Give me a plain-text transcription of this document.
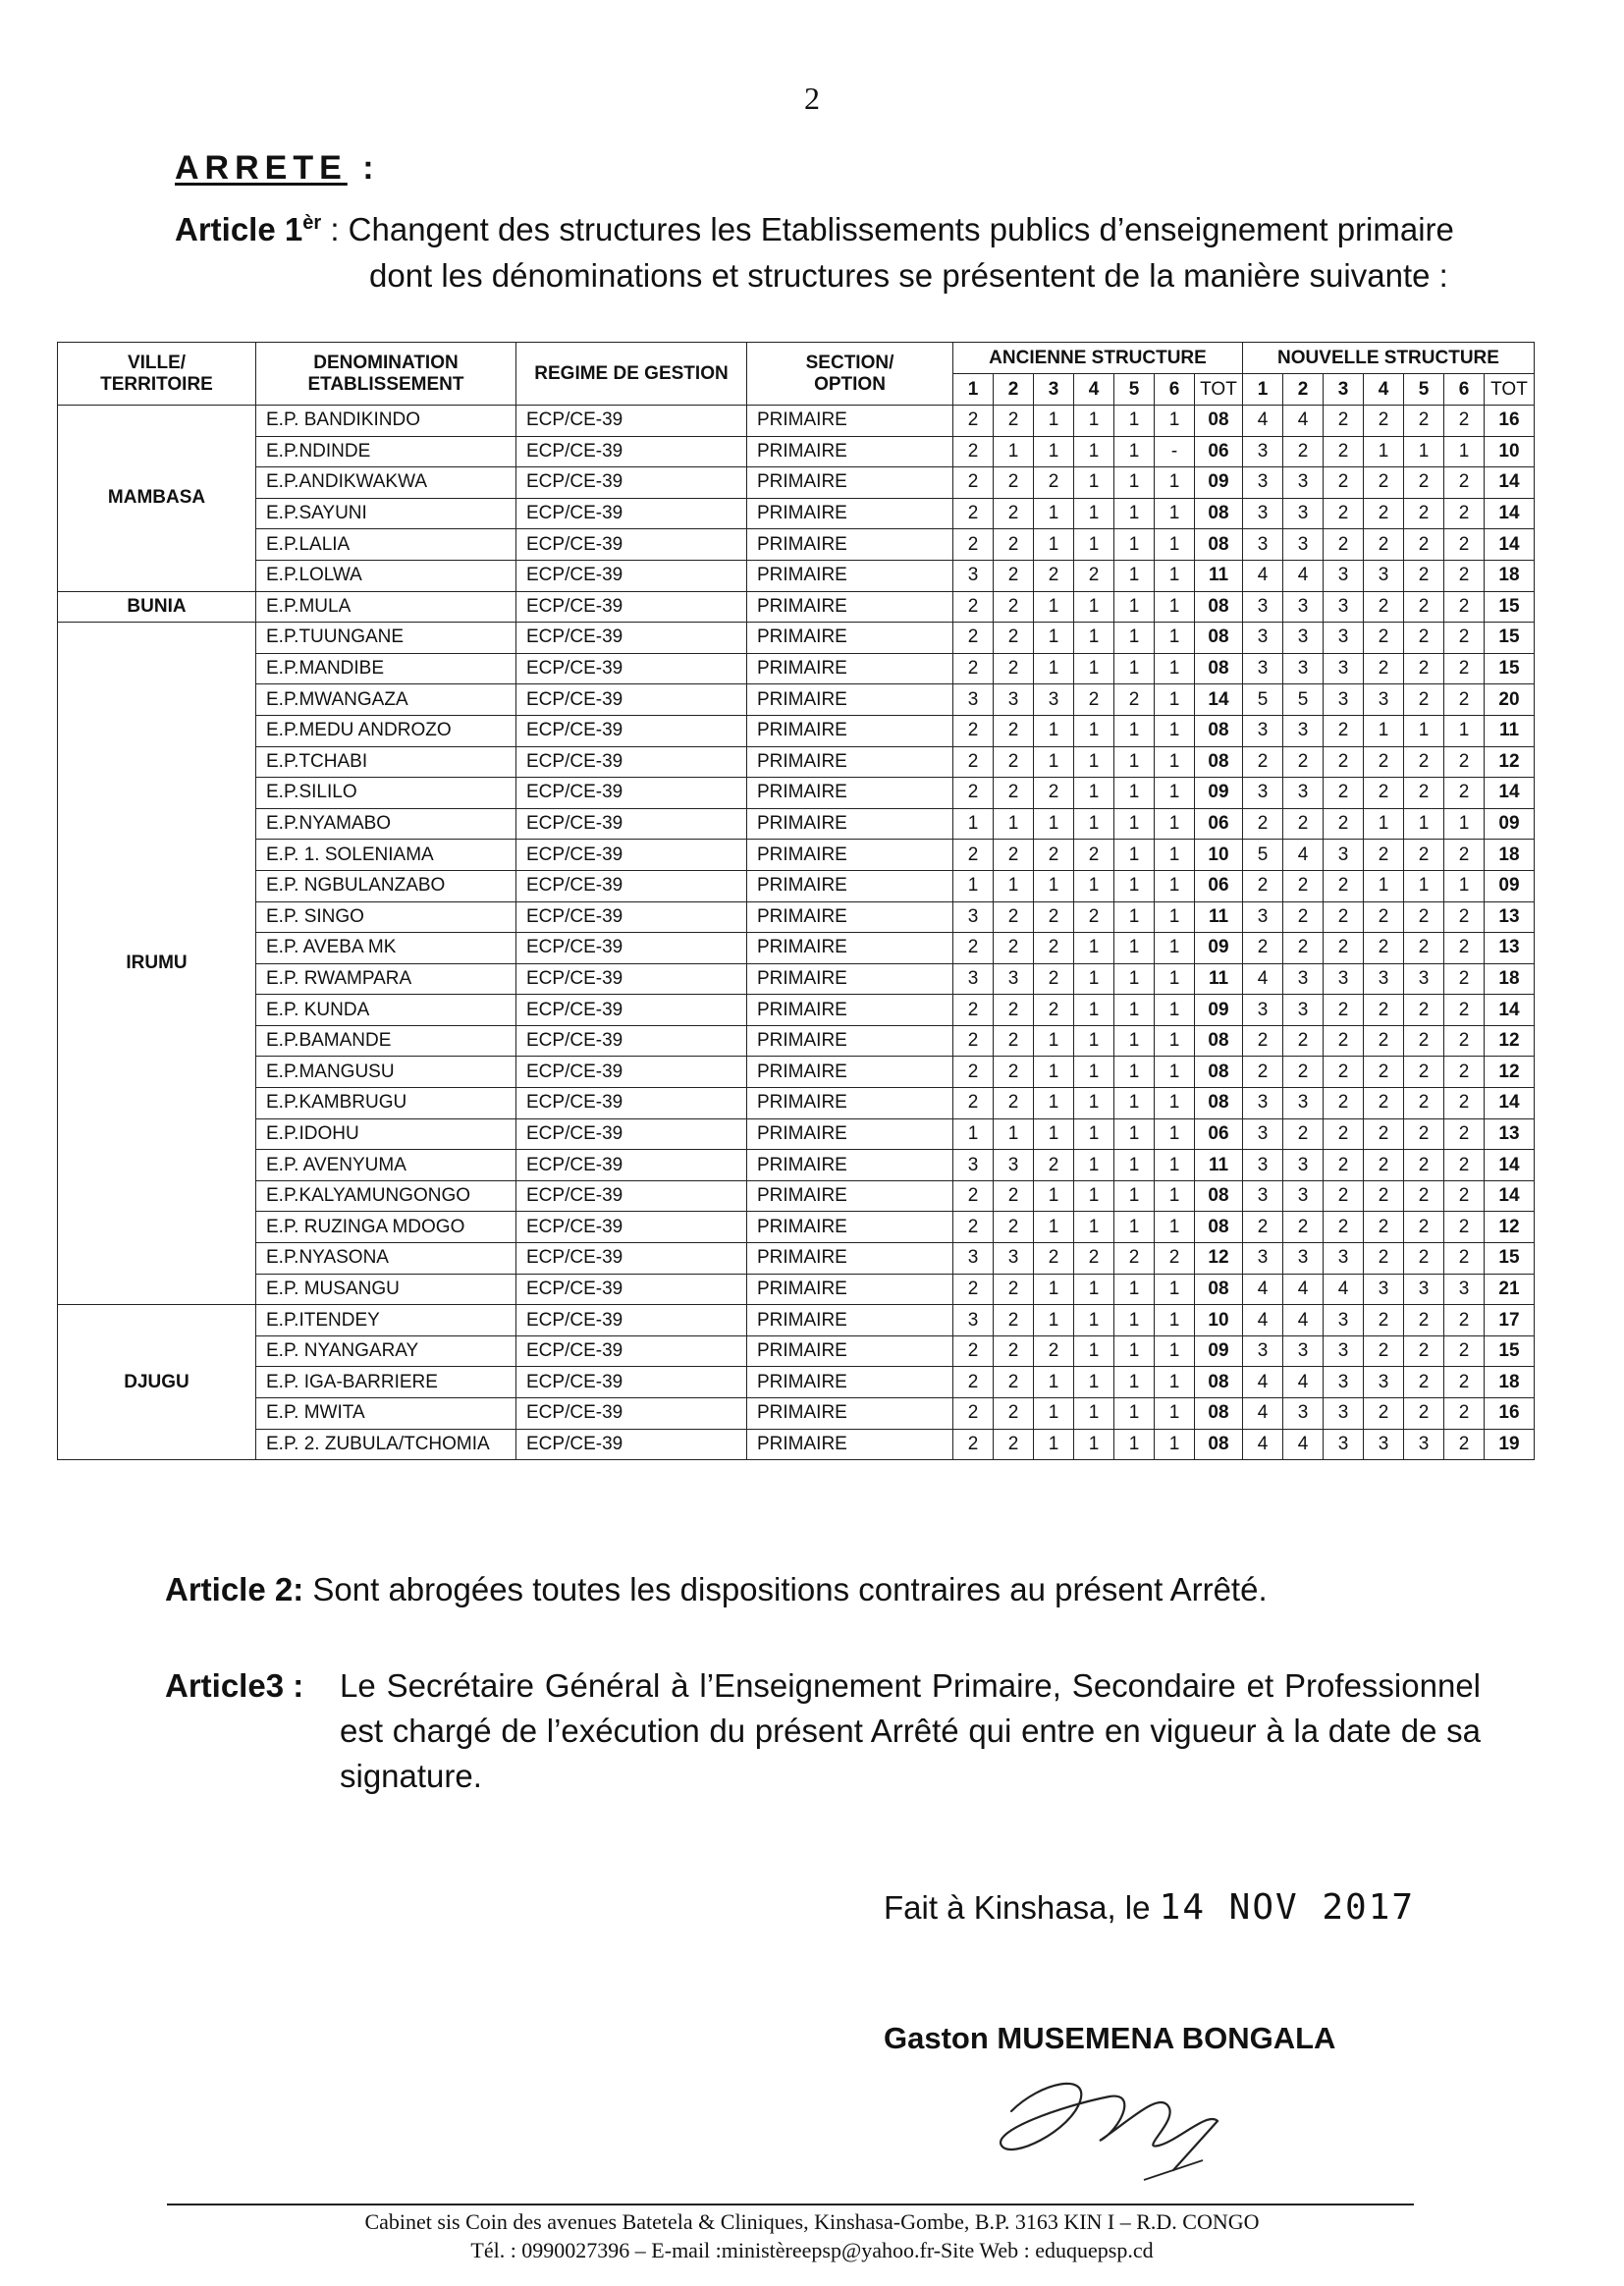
2
ARRETE :
Article $1^{èr}$ : Changent des structures les Etablissements publics d’enseignement primaire
dont les dénominations et structures se présentent de la manière suivante :
VILLE/
TERRITOIRE	DENOMINATION
ETABLISSEMENT	REGIME DE GESTION	SECTION/
OPTION	ANCIENNE STRUCTURE							NOUVELLE STRUCTURE						
				1	2	3	4	5	6	TOT	1	2	3	4	5	6	TOT
MAMBASA	E.P. BANDIKINDO	ECP/CE-39	PRIMAIRE	2	2	1	1	1	1	08	4	4	2	2	2	2	16
	E.P.NDINDE	ECP/CE-39	PRIMAIRE	2	1	1	1	1	-	06	3	2	2	1	1	1	10
	E.P.ANDIKWAKWA	ECP/CE-39	PRIMAIRE	2	2	2	1	1	1	09	3	3	2	2	2	2	14
	E.P.SAYUNI	ECP/CE-39	PRIMAIRE	2	2	1	1	1	1	08	3	3	2	2	2	2	14
	E.P.LALIA	ECP/CE-39	PRIMAIRE	2	2	1	1	1	1	08	3	3	2	2	2	2	14
	E.P.LOLWA	ECP/CE-39	PRIMAIRE	3	2	2	2	1	1	11	4	4	3	3	2	2	18
BUNIA	E.P.MULA	ECP/CE-39	PRIMAIRE	2	2	1	1	1	1	08	3	3	3	2	2	2	15
IRUMU	E.P.TUUNGANE	ECP/CE-39	PRIMAIRE	2	2	1	1	1	1	08	3	3	3	2	2	2	15
	E.P.MANDIBE	ECP/CE-39	PRIMAIRE	2	2	1	1	1	1	08	3	3	3	2	2	2	15
	E.P.MWANGAZA	ECP/CE-39	PRIMAIRE	3	3	3	2	2	1	14	5	5	3	3	2	2	20
	E.P.MEDU ANDROZO	ECP/CE-39	PRIMAIRE	2	2	1	1	1	1	08	3	3	2	1	1	1	11
	E.P.TCHABI	ECP/CE-39	PRIMAIRE	2	2	1	1	1	1	08	2	2	2	2	2	2	12
	E.P.SILILO	ECP/CE-39	PRIMAIRE	2	2	2	1	1	1	09	3	3	2	2	2	2	14
	E.P.NYAMABO	ECP/CE-39	PRIMAIRE	1	1	1	1	1	1	06	2	2	2	1	1	1	09
	E.P. 1. SOLENIAMA	ECP/CE-39	PRIMAIRE	2	2	2	2	1	1	10	5	4	3	2	2	2	18
	E.P. NGBULANZABO	ECP/CE-39	PRIMAIRE	1	1	1	1	1	1	06	2	2	2	1	1	1	09
	E.P. SINGO	ECP/CE-39	PRIMAIRE	3	2	2	2	1	1	11	3	2	2	2	2	2	13
	E.P. AVEBA MK	ECP/CE-39	PRIMAIRE	2	2	2	1	1	1	09	2	2	2	2	2	2	13
	E.P. RWAMPARA	ECP/CE-39	PRIMAIRE	3	3	2	1	1	1	11	4	3	3	3	3	2	18
	E.P. KUNDA	ECP/CE-39	PRIMAIRE	2	2	2	1	1	1	09	3	3	2	2	2	2	14
	E.P.BAMANDE	ECP/CE-39	PRIMAIRE	2	2	1	1	1	1	08	2	2	2	2	2	2	12
	E.P.MANGUSU	ECP/CE-39	PRIMAIRE	2	2	1	1	1	1	08	2	2	2	2	2	2	12
	E.P.KAMBRUGU	ECP/CE-39	PRIMAIRE	2	2	1	1	1	1	08	3	3	2	2	2	2	14
	E.P.IDOHU	ECP/CE-39	PRIMAIRE	1	1	1	1	1	1	06	3	2	2	2	2	2	13
	E.P. AVENYUMA	ECP/CE-39	PRIMAIRE	3	3	2	1	1	1	11	3	3	2	2	2	2	14
	E.P.KALYAMUNGONGO	ECP/CE-39	PRIMAIRE	2	2	1	1	1	1	08	3	3	2	2	2	2	14
	E.P. RUZINGA MDOGO	ECP/CE-39	PRIMAIRE	2	2	1	1	1	1	08	2	2	2	2	2	2	12
	E.P.NYASONA	ECP/CE-39	PRIMAIRE	3	3	2	2	2	2	12	3	3	3	2	2	2	15
	E.P. MUSANGU	ECP/CE-39	PRIMAIRE	2	2	1	1	1	1	08	4	4	4	3	3	3	21
DJUGU	E.P.ITENDEY	ECP/CE-39	PRIMAIRE	3	2	1	1	1	1	10	4	4	3	2	2	2	17
	E.P. NYANGARAY	ECP/CE-39	PRIMAIRE	2	2	2	1	1	1	09	3	3	3	2	2	2	15
	E.P. IGA-BARRIERE	ECP/CE-39	PRIMAIRE	2	2	1	1	1	1	08	4	4	3	3	2	2	18
	E.P. MWITA	ECP/CE-39	PRIMAIRE	2	2	1	1	1	1	08	4	3	3	2	2	2	16
	E.P. 2. ZUBULA/TCHOMIA	ECP/CE-39	PRIMAIRE	2	2	1	1	1	1	08	4	4	3	3	3	2	19
Article 2: Sont abrogées toutes les dispositions contraires au présent Arrêté.
Article3 : Le Secrétaire Général à l’Enseignement Primaire, Secondaire et Professionnel est chargé de l’exécution du présent Arrêté qui entre en vigueur à la date de sa signature.
Fait à Kinshasa, le 14 NOV 2017
Gaston MUSEMENA BONGALA
Cabinet sis Coin des avenues Batetela & Cliniques, Kinshasa-Gombe, B.P. 3163 KIN I – R.D. CONGO
Tél. : 0990027396 – E-mail :ministèreepsp@yahoo.fr-Site Web : eduquepsp.cd
